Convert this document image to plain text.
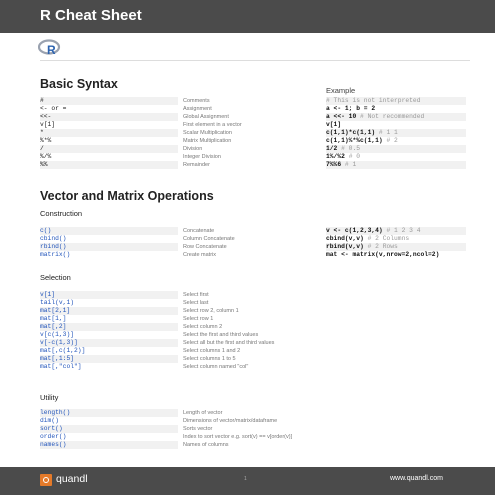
R Cheat Sheet
R
Basic Syntax	Example
#	Comments	# This is not interpreted
<- or =	Assignment	a <- 1; b = 2
<<-	Global Assignment	a <<- 10 # Not recommended
v[1]	First element in a vector	v[1]
*	Scalar Multiplication	c(1,1)*c(1,1) # 1 1
%*%	Matrix Multiplication	c(1,1)%*%c(1,1) # 2
/	Division	1/2 # 0.5
%/%	Integer Division	1%/%2 # 0
%%	Remainder	7%%6 # 1
Vector and Matrix Operations
Construction
c()	Concatenate	v <- c(1,2,3,4) # 1 2 3 4
cbind()	Column Concatenate	cbind(v,v) # 2 Columns
rbind()	Row Concatenate	rbind(v,v) # 2 Rows
matrix()	Create matrix	mat <- matrix(v,nrow=2,ncol=2)
Selection
v[1]	Select first
tail(v,1)	Select last
mat[2,1]	Select row 2, column 1
mat[1,]	Select row 1
mat[,2]	Select column 2
v[c(1,3)]	Select the first and third values
v[-c(1,3)]	Select all but the first and third values
mat[,c(1,2)]	Select columns 1 and 2
mat[,1:5]	Select columns 1 to 5
mat[,"col"]	Select column named "col"
Utility
length()	Length of vector
dim()	Dimensions of vector/matrix/dataframe
sort()	Sorts vector
order()	Index to sort vector e.g. sort(v) == v[order(v)]
names()	Names of columns
quandl	1	www.quandl.com
